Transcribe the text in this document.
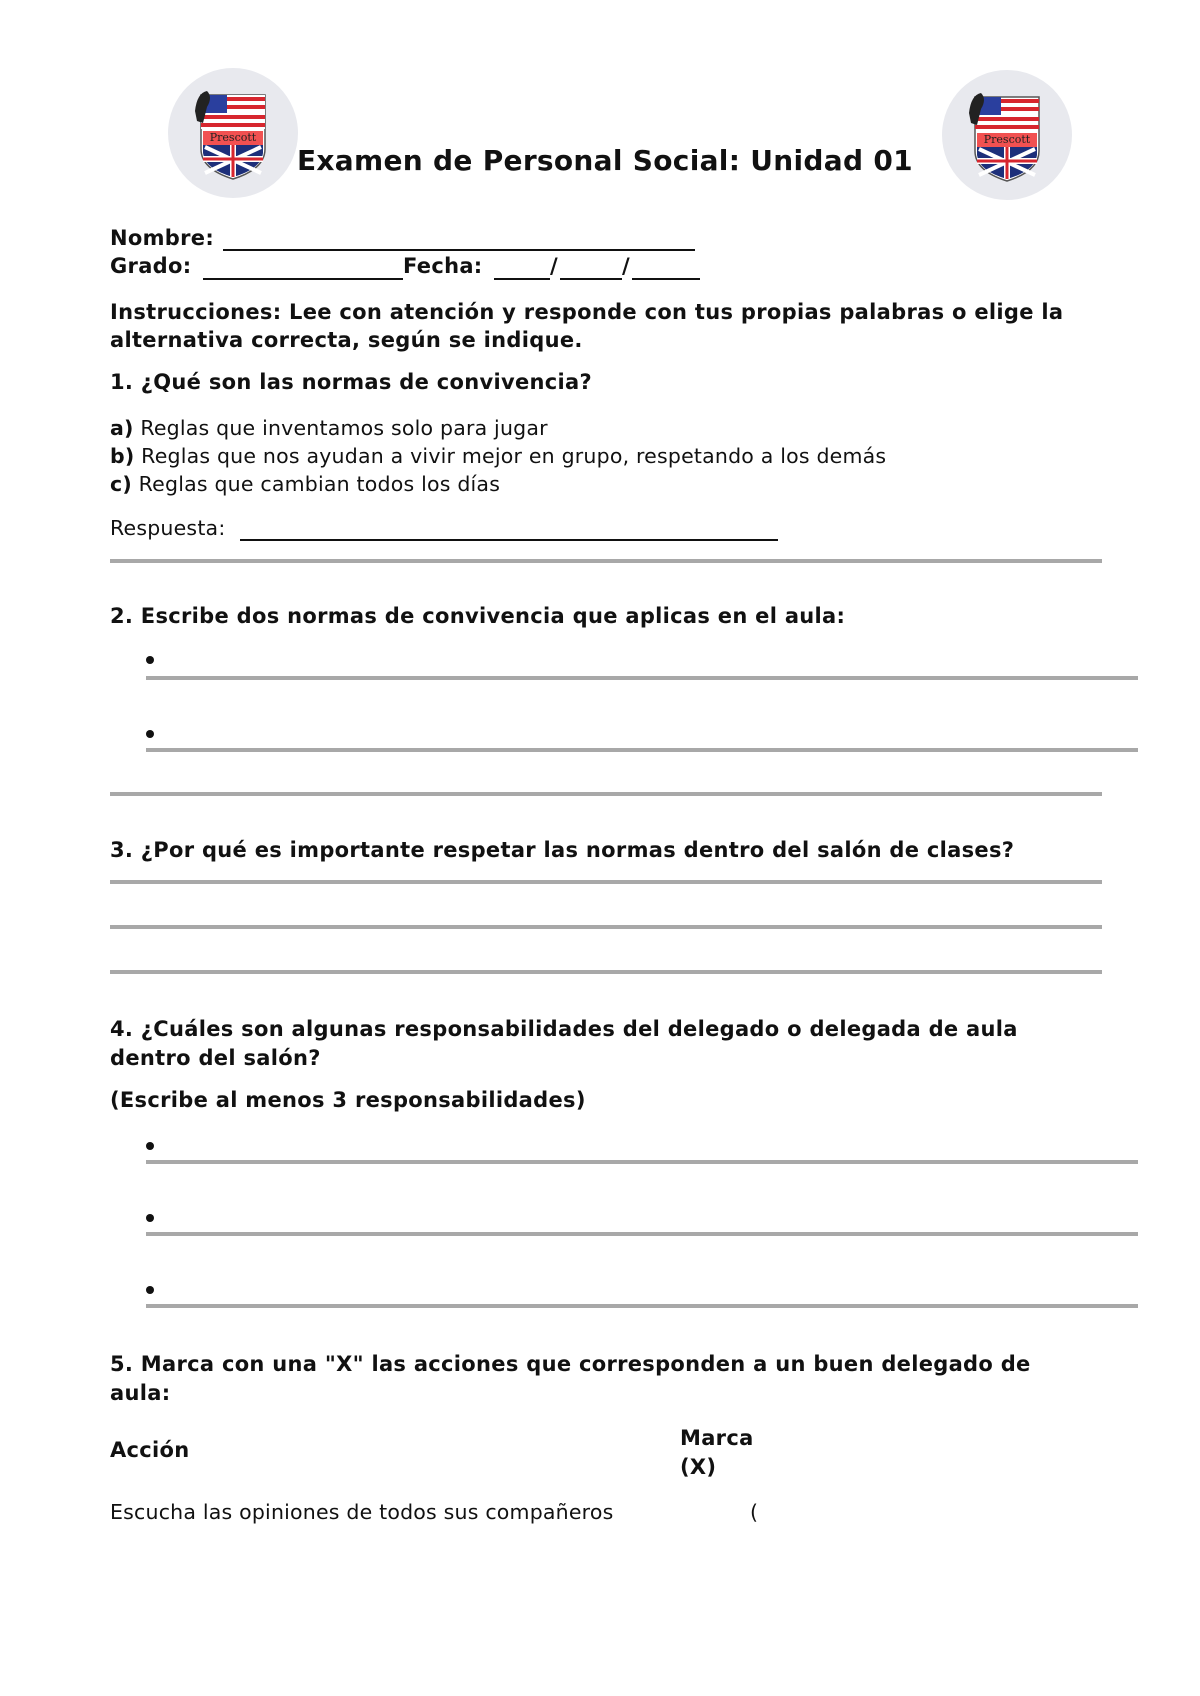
Prescott	Prescott
Examen de Personal Social: Unidad 01
Nombre:
Grado:	Fecha:	/	/
Instrucciones: Lee con atención y responde con tus propias palabras o elige la alternativa correcta, según se indique.
1. ¿Qué son las normas de convivencia?
a) Reglas que inventamos solo para jugar
b) Reglas que nos ayudan a vivir mejor en grupo, respetando a los demás
c) Reglas que cambian todos los días
Respuesta:
2. Escribe dos normas de convivencia que aplicas en el aula:
3. ¿Por qué es importante respetar las normas dentro del salón de clases?
4. ¿Cuáles son algunas responsabilidades del delegado o delegada de aula dentro del salón?
(Escribe al menos 3 responsabilidades)
5. Marca con una "X" las acciones que corresponden a un buen delegado de aula:
Acción	Marca (X)
Escucha las opiniones de todos sus compañeros	(
